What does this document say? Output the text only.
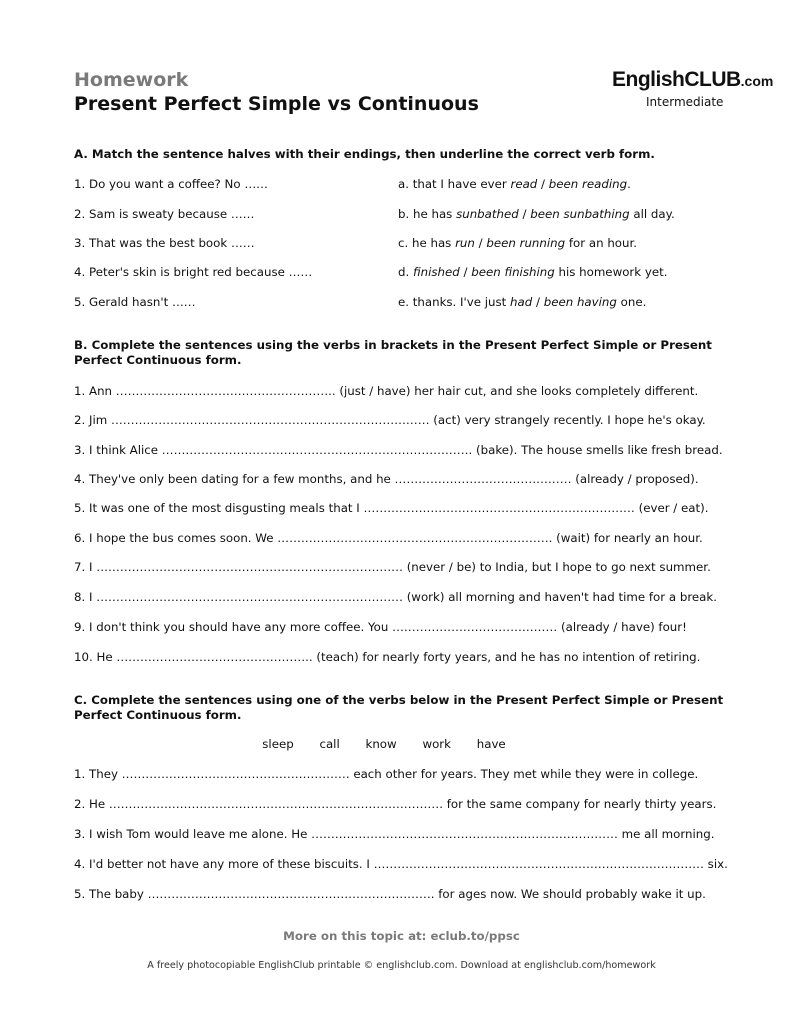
Homework
Present Perfect Simple vs Continuous
EnglishCLUB.com
Intermediate
A. Match the sentence halves with their endings, then underline the correct verb form.
1. Do you want a coffee? No ……
2. Sam is sweaty because ……
3. That was the best book ……
4. Peter's skin is bright red because ……
5. Gerald hasn't ……
a. that I have ever read / been reading.
b. he has sunbathed / been sunbathing all day.
c. he has run / been running for an hour.
d. finished / been finishing his homework yet.
e. thanks. I've just had / been having one.
B. Complete the sentences using the verbs in brackets in the Present Perfect Simple or Present Perfect Continuous form.
1. Ann ……………………………………………….. (just / have) her hair cut, and she looks completely different.
2. Jim ……………………………………………………………………… (act) very strangely recently. I hope he's okay.
3. I think Alice ……………………………………………………………………. (bake). The house smells like fresh bread.
4. They've only been dating for a few months, and he ……………………………………… (already / proposed).
5. It was one of the most disgusting meals that I …………………………………………………………… (ever / eat).
6. I hope the bus comes soon. We ……………………………………………………………. (wait) for nearly an hour.
7. I …………………………………………………………………… (never / be) to India, but I hope to go next summer.
8. I …………………………………………………………………… (work) all morning and haven't had time for a break.
9. I don't think you should have any more coffee. You …………………………………… (already / have) four!
10. He ………………………………………….. (teach) for nearly forty years, and he has no intention of retiring.
C. Complete the sentences using one of the verbs below in the Present Perfect Simple or Present Perfect Continuous form.
sleep call know work have
1. They …………………………………………………. each other for years. They met while they were in college.
2. He …………………………………………………………………………. for the same company for nearly thirty years.
3. I wish Tom would leave me alone. He …………………………………………………………………… me all morning.
4. I'd better not have any more of these biscuits. I ………………………………………………………………………… six.
5. The baby ………………………………………………………………. for ages now. We should probably wake it up.
More on this topic at: eclub.to/ppsc
A freely photocopiable EnglishClub printable © englishclub.com. Download at englishclub.com/homework
